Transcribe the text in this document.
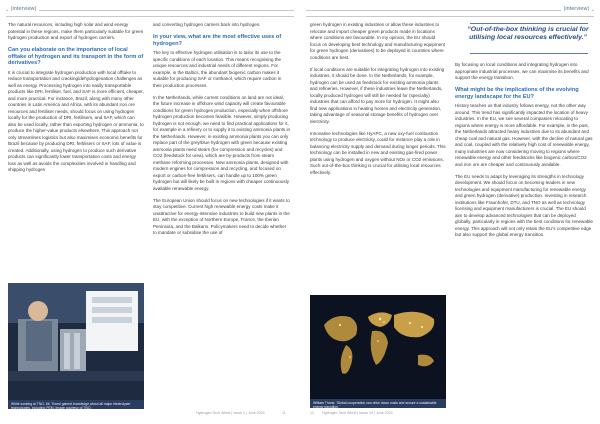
|interview|	|interview|

The natural resources, including high solar and wind energy potential in these regions, make them particularly suitable for green hydrogen production and export of hydrogen carriers.

Can you elaborate on the importance of local offtake of hydrogen and its transport in the form of derivatives?

It is crucial to integrate hydrogen production with local offtake to reduce transportation and cracking/dehydrogenation challenges as well as energy. Processing hydrogen into easily transportable products like DRI, fertiliser, fuel, and SAF is more efficient, cheaper, and more practical. For instance, Brazil, along with many other countries in Latin America and Africa, with its abundant iron ore resources and fertiliser needs, should focus on using hydrogen locally for the production of DRI, fertilisers, and SAF, which can also be used locally, rather than exporting hydrogen or ammonia, to produce the higher-value products elsewhere. This approach not only streamlines logistics but also maximises economic benefits for Brazil because by producing DRI, fertilisers or SAF, lots of value is created. Additionally, using hydrogen to produce such derivative products can significantly lower transportation costs and energy loss as well as avoids the complexities involved in handling and shipping hydrogen

While working at TNO, Mr. Thorsi gained knowledge about all major electrolyser technologies, including PEM. Image courtesy of TNO.

and converting hydrogen carriers back into hydrogen.

In your view, what are the most effective uses of hydrogen?

The key to effective hydrogen utilisation is to tailor its use to the specific conditions of each location. This means recognising the unique resources and industrial needs of different regions. For example, in the Baltics, the abundant biogenic carbon makes it suitable for producing SAF or methanol, which require carbon in their production processes.

In the Netherlands, while current conditions on land are not ideal, the future increase in offshore wind capacity will create favourable conditions for green hydrogen production, especially when offshore hydrogen production becomes feasible. However, simply producing hydrogen is not enough; we need to find practical applications for it, for example in a refinery or to supply it to existing ammonia plants in the Netherlands. However, in existing ammonia plants you can only replace part of the grey/blue hydrogen with green because existing ammonia plants need steam (for compression and recycles) and CO2 (feedstock for urea), which are by-products from steam methane reforming processes. New ammonia plants, designed with modern engines for compression and recycling, and focused on export or carbon-free fertilisers, can handle up to 100% green hydrogen but will likely be built in regions with cheaper continuously available renewable energy.

The European Union should focus on new technologies if it wants to stay competitive. Current high renewable energy costs make it unattractive for energy-intensive industries to build new plants in the EU, with the exception of Northern Europe, France, the Iberian Peninsula, and the Balkans. Policymakers need to decide whether to mandate or subsidise the use of

green hydrogen in existing industries or allow these industries to relocate and import cheaper green products made in locations where conditions are favourable. In my opinion, the EU should focus on developing best technology and manufacturing equipment for green hydrogen (derivatives) to be deployed in countries where conditions are best.

If local conditions are suitable for integrating hydrogen into existing industries, it should be done. In the Netherlands, for example, hydrogen can be used as feedstock for existing ammonia plants and refineries. However, if these industries leave the Netherlands, locally produced hydrogen will still be needed for (specialty) industries that can afford to pay more for hydrogen. It might also find new applications in heating homes and electricity generation, taking advantage of seasonal storage benefits of hydrogen over electricity.

Innovative technologies like HyAPC, a new oxy-fuel combustion technology to produce electricity, could for instance play a role in balancing electricity supply and demand during longer periods. This technology can be installed in new and existing gas-fired power plants using hydrogen and oxygen without NOx or CO2 emissions. Such out-of-the-box thinking is crucial for utilising local resources effectively.

William Thorsi: 'Global cooperation can drive down costs and secure a sustainable energy transition.'
“Out-of-the-box thinking is crucial for utilising local resources effectively.”

By focusing on local conditions and integrating hydrogen into appropriate industrial processes, we can maximise its benefits and support the energy transition.

What might be the implications of the evolving energy landscape for the EU?

History teaches us that industry follows energy, not the other way around. This trend has significantly impacted the location of heavy industries. In the EU, we see several companies relocating to regions where energy is more affordable. For example, in the past, the Netherlands attracted heavy industries due to its abundant and cheap coal and natural gas. However, with the decline of natural gas and coal, coupled with the relatively high cost of renewable energy, many industries are now considering moving to regions where renewable energy and other feedstocks like biogenic carbon/CO2 and iron ore are cheaper and continuously available.

The EU needs to adapt by leveraging its strengths in technology development. We should focus on becoming leaders in new technologies and equipment manufacturing for renewable energy and green hydrogen (derivative) production. Investing in research institutions like Fraunhofer, DTU, and TNO as well as technology licensing and equipment manufacturers is crucial. The EU should aim to develop advanced technologies that can be deployed globally, particularly in regions with the best conditions for renewable energy. This approach will not only retain the EU's competitive edge but also support the global energy transition.

Hydrogen Tech World | Issue 1 | June 2024	11	12 Hydrogen Tech World | Issue 14 | June 2024
